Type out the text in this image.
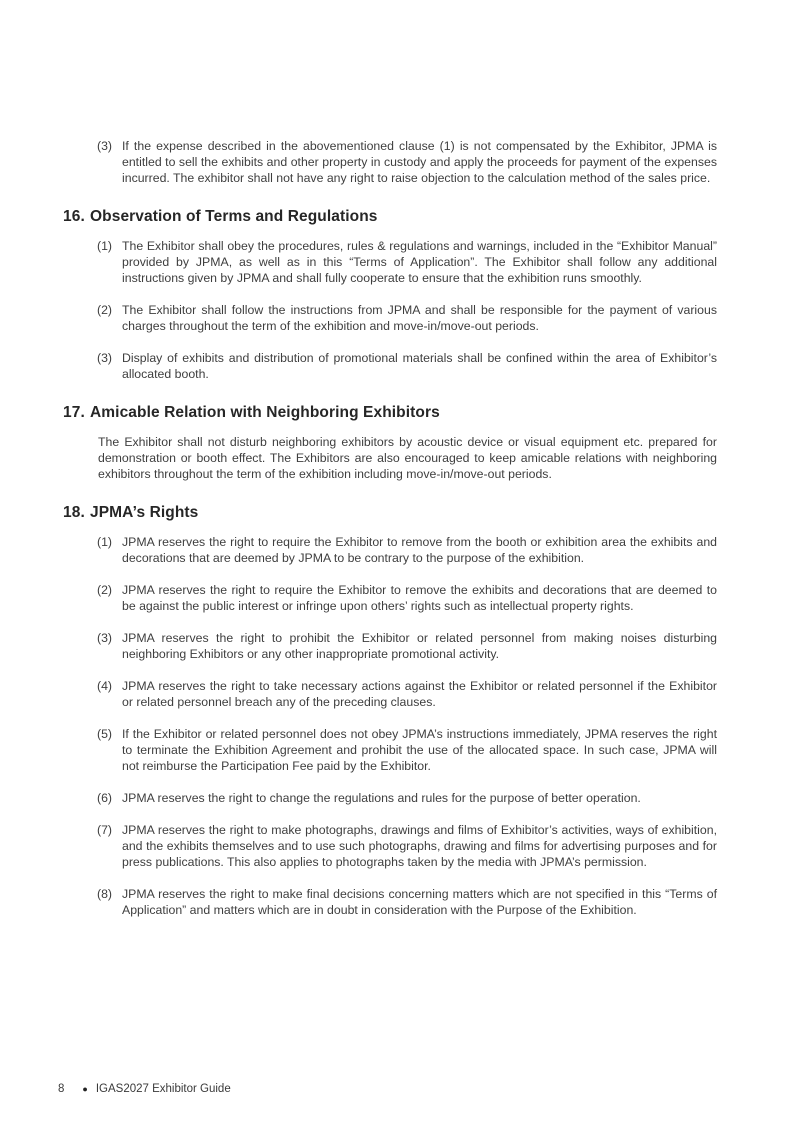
(3) If the expense described in the abovementioned clause (1) is not compensated by the Exhibitor, JPMA is entitled to sell the exhibits and other property in custody and apply the proceeds for payment of the expenses incurred. The exhibitor shall not have any right to raise objection to the calculation method of the sales price.
16. Observation of Terms and Regulations
(1) The Exhibitor shall obey the procedures, rules & regulations and warnings, included in the “Exhibitor Manual” provided by JPMA, as well as in this “Terms of Application”. The Exhibitor shall follow any additional instructions given by JPMA and shall fully cooperate to ensure that the exhibition runs smoothly.
(2) The Exhibitor shall follow the instructions from JPMA and shall be responsible for the payment of various charges throughout the term of the exhibition and move-in/move-out periods.
(3) Display of exhibits and distribution of promotional materials shall be confined within the area of Exhibitor’s allocated booth.
17. Amicable Relation with Neighboring Exhibitors

The Exhibitor shall not disturb neighboring exhibitors by acoustic device or visual equipment etc. prepared for demonstration or booth effect. The Exhibitors are also encouraged to keep amicable relations with neighboring exhibitors throughout the term of the exhibition including move-in/move-out periods.

18. JPMA’s Rights
(1) JPMA reserves the right to require the Exhibitor to remove from the booth or exhibition area the exhibits and decorations that are deemed by JPMA to be contrary to the purpose of the exhibition.
(2) JPMA reserves the right to require the Exhibitor to remove the exhibits and decorations that are deemed to be against the public interest or infringe upon others’ rights such as intellectual property rights.
(3) JPMA reserves the right to prohibit the Exhibitor or related personnel from making noises disturbing neighboring Exhibitors or any other inappropriate promotional activity.
(4) JPMA reserves the right to take necessary actions against the Exhibitor or related personnel if the Exhibitor or related personnel breach any of the preceding clauses.
(5) If the Exhibitor or related personnel does not obey JPMA’s instructions immediately, JPMA reserves the right to terminate the Exhibition Agreement and prohibit the use of the allocated space. In such case, JPMA will not reimburse the Participation Fee paid by the Exhibitor.
(6) JPMA reserves the right to change the regulations and rules for the purpose of better operation.
(7) JPMA reserves the right to make photographs, drawings and films of Exhibitor’s activities, ways of exhibition, and the exhibits themselves and to use such photographs, drawing and films for advertising purposes and for press publications. This also applies to photographs taken by the media with JPMA’s permission.
(8) JPMA reserves the right to make final decisions concerning matters which are not specified in this “Terms of Application” and matters which are in doubt in consideration with the Purpose of the Exhibition.
8 ● IGAS2027 Exhibitor Guide
